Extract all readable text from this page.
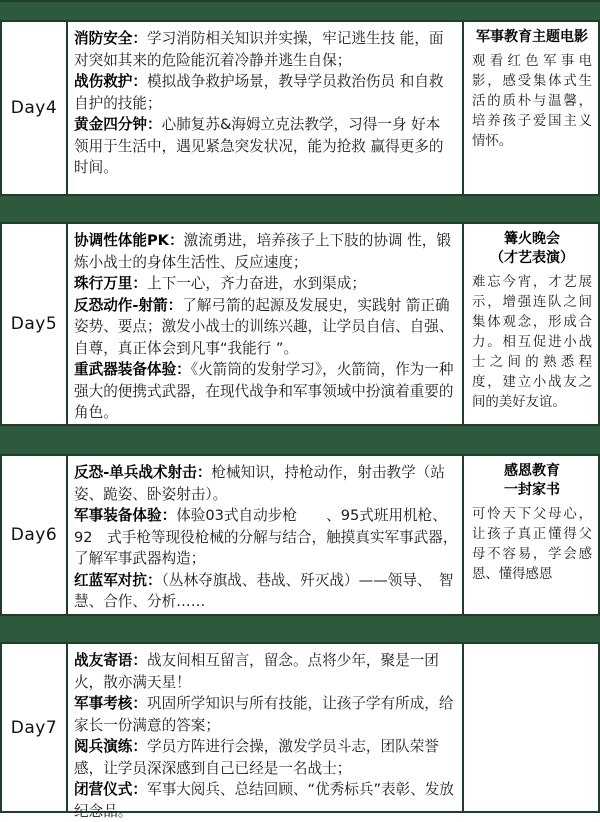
Day4

消防安全：学习消防相关知识并实操，牢记逃生技 能，面对突如其来的危险能沉着冷静并逃生自保；

战伤救护：模拟战争救护场景，教导学员救治伤员 和自救自护的技能；

黄金四分钟：心肺复苏&海姆立克法教学，习得一身 好本领用于生活中，遇见紧急突发状况，能为抢救 赢得更多的时间。

军事教育主题电影
观看红色军事电影，感受集体式生活的质朴与温馨，培养孩子爱国主义情怀。
Day5

协调性体能PK：激流勇进，培养孩子上下肢的协调 性，锻炼小战士的身体生活性、反应速度；

珠行万里：上下一心，齐力奋进，水到渠成；

反恐动作-射箭：了解弓箭的起源及发展史，实践射 箭正确姿势、要点；激发小战士的训练兴趣，让学员自信、自强、自尊，真正体会到凡事“我能行 ”。

重武器装备体验：《火箭筒的发射学习》，火箭筒，作为一种强大的便携式武器，在现代战争和军事领域中扮演着重要的角色。

篝火晚会
（才艺表演）
难忘今宵，才艺展示，增强连队之间集体观念，形成合力。相互促进小战士之间的熟悉程度，建立小战友之间的美好友谊。
Day6

反恐-单兵战术射击：枪械知识，持枪动作，射击教学（站姿、跪姿、卧姿射击）。

军事装备体验：体验03式自动步枪　　、95式班用机枪、92　式手枪等现役枪械的分解与结合，触摸真实军事武器，　了解军事武器构造；

红蓝军对抗：（丛林夺旗战、巷战、歼灭战）——领导、　智慧、合作、分析……

感恩教育
一封家书
可怜天下父母心，让孩子真正懂得父母不容易，学会感恩、懂得感恩
Day7

战友寄语：战友间相互留言，留念。点将少年，聚是一团火，散亦满天星！

军事考核：巩固所学知识与所有技能，让孩子学有所成，给家长一份满意的答案；

阅兵演练：学员方阵进行会操，激发学员斗志，团队荣誉感，让学员深深感到自己已经是一名战士；

闭营仪式：军事大阅兵、总结回顾、“优秀标兵”表彰、发放纪念品。
